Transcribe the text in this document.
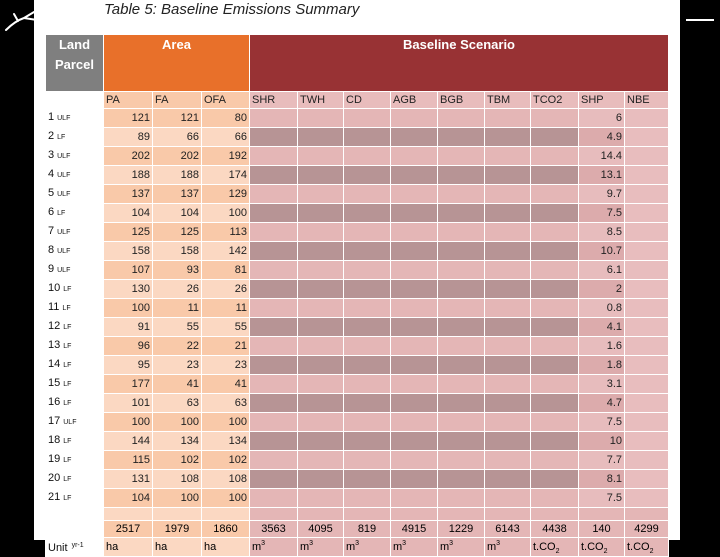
Table 5: Baseline Emissions Summary
Land Parcel	Area			Baseline Scenario								
	PA	FA	OFA	SHR	TWH	CD	AGB	BGB	TBM	TCO2	SHP	NBE
1 ULF	121	121	80								6	
2 LF	89	66	66								4.9	
3 ULF	202	202	192								14.4	
4 ULF	188	188	174								13.1	
5 ULF	137	137	129								9.7	
6 LF	104	104	100								7.5	
7 ULF	125	125	113								8.5	
8 ULF	158	158	142								10.7	
9 ULF	107	93	81								6.1	
10 LF	130	26	26								2	
11 LF	100	11	11								0.8	
12 LF	91	55	55								4.1	
13 LF	96	22	21								1.6	
14 LF	95	23	23								1.8	
15 LF	177	41	41								3.1	
16 LF	101	63	63								4.7	
17 ULF	100	100	100								7.5	
18 LF	144	134	134								10	
19 LF	115	102	102								7.7	
20 LF	131	108	108								8.1	
21 LF	104	100	100								7.5	

	2517	1979	1860	3563	4095	819	4915	1229	6143	4438	140	4299
Unit $^{yr-1}$	ha	ha	ha	$m^3$	$m^3$	$m^3$	$m^3$	$m^3$	$m^3$	$t.CO_2$	$t.CO_2$	$t.CO_2$
